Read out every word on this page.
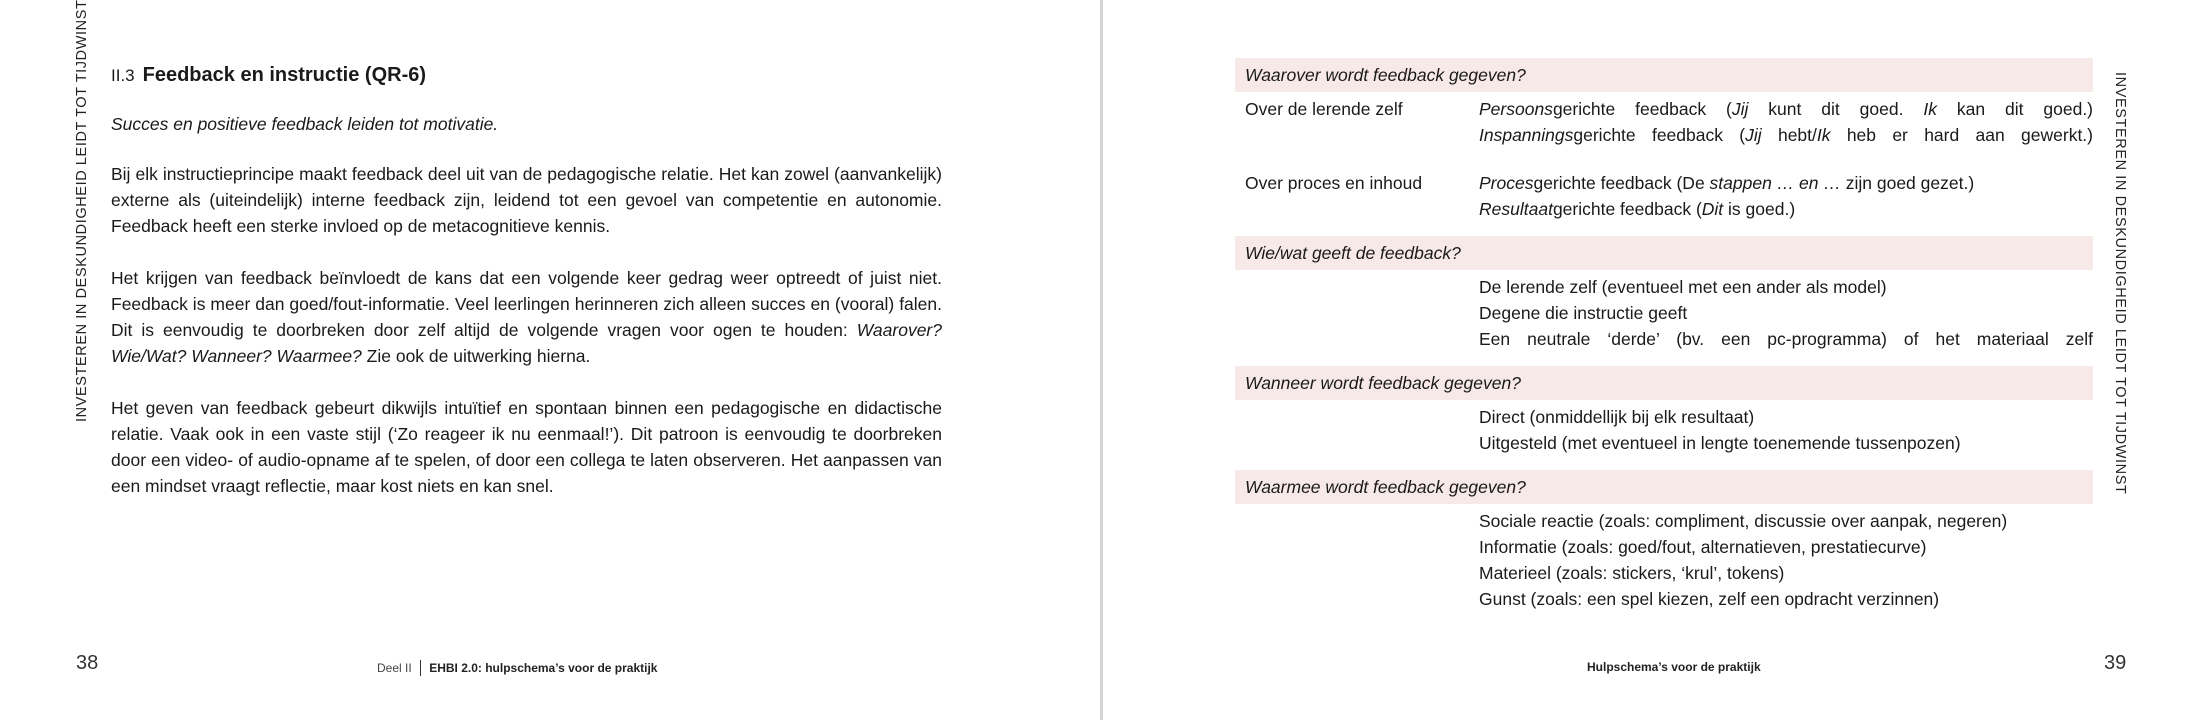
INVESTEREN IN DESKUNDIGHEID LEIDT TOT TIJDWINST II.3 Feedback en instructie (QR-6)

Succes en positieve feedback leiden tot motivatie.

Bij elk instructieprincipe maakt feedback deel uit van de pedagogische relatie. Het kan zowel (aanvankelijk) externe als (uiteindelijk) interne feedback zijn, leidend tot een gevoel van competentie en autonomie. Feedback heeft een sterke invloed op de metacognitieve kennis.

Het krijgen van feedback beïnvloedt de kans dat een volgende keer gedrag weer optreedt of juist niet. Feedback is meer dan goed/fout-informatie. Veel leerlingen herinneren zich alleen succes en (vooral) falen. Dit is eenvoudig te doorbreken door zelf altijd de volgende vragen voor ogen te houden: Waarover? Wie/Wat? Wanneer? Waarmee? Zie ook de uitwerking hierna.

Het geven van feedback gebeurt dikwijls intuïtief en spontaan binnen een pedagogische en didactische relatie. Vaak ook in een vaste stijl (‘Zo reageer ik nu eenmaal!’). Dit patroon is eenvoudig te doorbreken door een video- of audio-opname af te spelen, of door een collega te laten observeren. Het aanpassen van een mindset vraagt reflectie, maar kost niets en kan snel.

38	Deel II EHBI 2.0: hulpschema’s voor de praktijk
INVESTEREN IN DESKUNDIGHEID LEIDT TOT TIJDWINST
39
Hulpschema’s voor de praktijk
Waarover wordt feedback gegeven?
Over de lerende zelf	Persoonsgerichte feedback (Jij kunt dit goed. Ik kan dit goed.)
Inspanningsgerichte feedback (Jij hebt/Ik heb er hard aan gewerkt.)
Over proces en inhoud	Procesgerichte feedback (De stappen … en … zijn goed gezet.)
Resultaatgerichte feedback (Dit is goed.)
Wie/wat geeft de feedback?
De lerende zelf (eventueel met een ander als model)
Degene die instructie geeft
Een neutrale ‘derde’ (bv. een pc-programma) of het materiaal zelf
Wanneer wordt feedback gegeven?
Direct (onmiddellijk bij elk resultaat)
Uitgesteld (met eventueel in lengte toenemende tussenpozen)
Waarmee wordt feedback gegeven?
Sociale reactie (zoals: compliment, discussie over aanpak, negeren)
Informatie (zoals: goed/fout, alternatieven, prestatiecurve)
Materieel (zoals: stickers, ‘krul’, tokens)
Gunst (zoals: een spel kiezen, zelf een opdracht verzinnen)
